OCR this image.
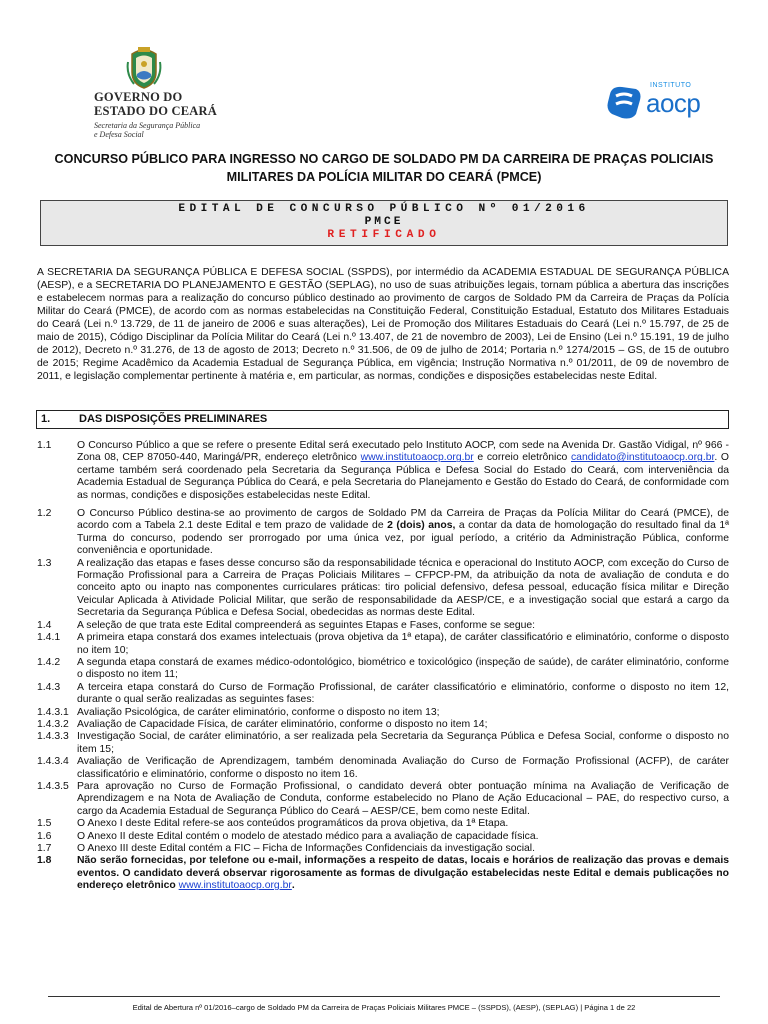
GOVERNO DO
ESTADO DO CEARÁ
Secretaria da Segurança Pública
e Defesa Social
INSTITUTO
aocp
CONCURSO PÚBLICO PARA INGRESSO NO CARGO DE SOLDADO PM DA CARREIRA DE PRAÇAS POLICIAIS
MILITARES DA POLÍCIA MILITAR DO CEARÁ (PMCE)
EDITAL DE CONCURSO PÚBLICO Nº 01/2016
PMCE
RETIFICADO
A SECRETARIA DA SEGURANÇA PÚBLICA E DEFESA SOCIAL (SSPDS), por intermédio da ACADEMIA ESTADUAL DE SEGURANÇA PÚBLICA (AESP), e a SECRETARIA DO PLANEJAMENTO E GESTÃO (SEPLAG), no uso de suas atribuições legais, tornam pública a abertura das inscrições e estabelecem normas para a realização do concurso público destinado ao provimento de cargos de Soldado PM da Carreira de Praças da Polícia Militar do Ceará (PMCE), de acordo com as normas estabelecidas na Constituição Federal, Constituição Estadual, Estatuto dos Militares Estaduais do Ceará (Lei n.º 13.729, de 11 de janeiro de 2006 e suas alterações), Lei de Promoção dos Militares Estaduais do Ceará (Lei n.º 15.797, de 25 de maio de 2015), Código Disciplinar da Polícia Militar do Ceará (Lei n.º 13.407, de 21 de novembro de 2003), Lei de Ensino (Lei n.º 15.191, 19 de julho de 2012), Decreto n.º 31.276, de 13 de agosto de 2013; Decreto n.º 31.506, de 09 de julho de 2014; Portaria n.º 1274/2015 – GS, de 15 de outubro de 2015; Regime Acadêmico da Academia Estadual de Segurança Pública, em vigência; Instrução Normativa n.º 01/2011, de 09 de novembro de 2011, e legislação complementar pertinente à matéria e, em particular, as normas, condições e disposições estabelecidas neste Edital.
1.	DAS DISPOSIÇÕES PRELIMINARES
1.1	O Concurso Público a que se refere o presente Edital será executado pelo Instituto AOCP, com sede na Avenida Dr. Gastão Vidigal, nº 966 - Zona 08, CEP 87050-440, Maringá/PR, endereço eletrônico www.institutoaocp.org.br e correio eletrônico candidato@institutoaocp.org.br. O certame também será coordenado pela Secretaria da Segurança Pública e Defesa Social do Estado do Ceará, com interveniência da Academia Estadual de Segurança Pública do Ceará, e pela Secretaria do Planejamento e Gestão do Estado do Ceará, de conformidade com as normas, condições e disposições estabelecidas neste Edital.
1.2	O Concurso Público destina-se ao provimento de cargos de Soldado PM da Carreira de Praças da Polícia Militar do Ceará (PMCE), de acordo com a Tabela 2.1 deste Edital e tem prazo de validade de 2 (dois) anos, a contar da data de homologação do resultado final da 1ª Turma do concurso, podendo ser prorrogado por uma única vez, por igual período, a critério da Administração Pública, conforme conveniência e oportunidade.
1.3	A realização das etapas e fases desse concurso são da responsabilidade técnica e operacional do Instituto AOCP, com exceção do Curso de Formação Profissional para a Carreira de Praças Policiais Militares – CFPCP-PM, da atribuição da nota de avaliação de conduta e do conceito apto ou inapto nas componentes curriculares práticas: tiro policial defensivo, defesa pessoal, educação física militar e Direção Veicular Aplicada à Atividade Policial Militar, que serão de responsabilidade da AESP/CE, e a investigação social que estará a cargo da Secretaria da Segurança Pública e Defesa Social, obedecidas as normas deste Edital.
1.4	A seleção de que trata este Edital compreenderá as seguintes Etapas e Fases, conforme se segue:
1.4.1	A primeira etapa constará dos exames intelectuais (prova objetiva da 1ª etapa), de caráter classificatório e eliminatório, conforme o disposto no item 10;
1.4.2	A segunda etapa constará de exames médico-odontológico, biométrico e toxicológico (inspeção de saúde), de caráter eliminatório, conforme o disposto no item 11;
1.4.3	A terceira etapa constará do Curso de Formação Profissional, de caráter classificatório e eliminatório, conforme o disposto no item 12, durante o qual serão realizadas as seguintes fases:
1.4.3.1 Avaliação Psicológica, de caráter eliminatório, conforme o disposto no item 13;
1.4.3.2 Avaliação de Capacidade Física, de caráter eliminatório, conforme o disposto no item 14;
1.4.3.3 Investigação Social, de caráter eliminatório, a ser realizada pela Secretaria da Segurança Pública e Defesa Social, conforme o disposto no item 15;
1.4.3.4 Avaliação de Verificação de Aprendizagem, também denominada Avaliação do Curso de Formação Profissional (ACFP), de caráter classificatório e eliminatório, conforme o disposto no item 16.
1.4.3.5 Para aprovação no Curso de Formação Profissional, o candidato deverá obter pontuação mínima na Avaliação de Verificação de Aprendizagem e na Nota de Avaliação de Conduta, conforme estabelecido no Plano de Ação Educacional – PAE, do respectivo curso, a cargo da Academia Estadual de Segurança Público do Ceará – AESP/CE, bem como neste Edital.
1.5	O Anexo I deste Edital refere-se aos conteúdos programáticos da prova objetiva, da 1ª Etapa.
1.6	O Anexo II deste Edital contém o modelo de atestado médico para a avaliação de capacidade física.
1.7	O Anexo III deste Edital contém a FIC – Ficha de Informações Confidenciais da investigação social.
1.8	Não serão fornecidas, por telefone ou e-mail, informações a respeito de datas, locais e horários de realização das provas e demais eventos. O candidato deverá observar rigorosamente as formas de divulgação estabelecidas neste Edital e demais publicações no endereço eletrônico www.institutoaocp.org.br.
Edital de Abertura nº 01/2016–cargo de Soldado PM da Carreira de Praças Policiais Militares PMCE – (SSPDS), (AESP), (SEPLAG) | Página 1 de 22
